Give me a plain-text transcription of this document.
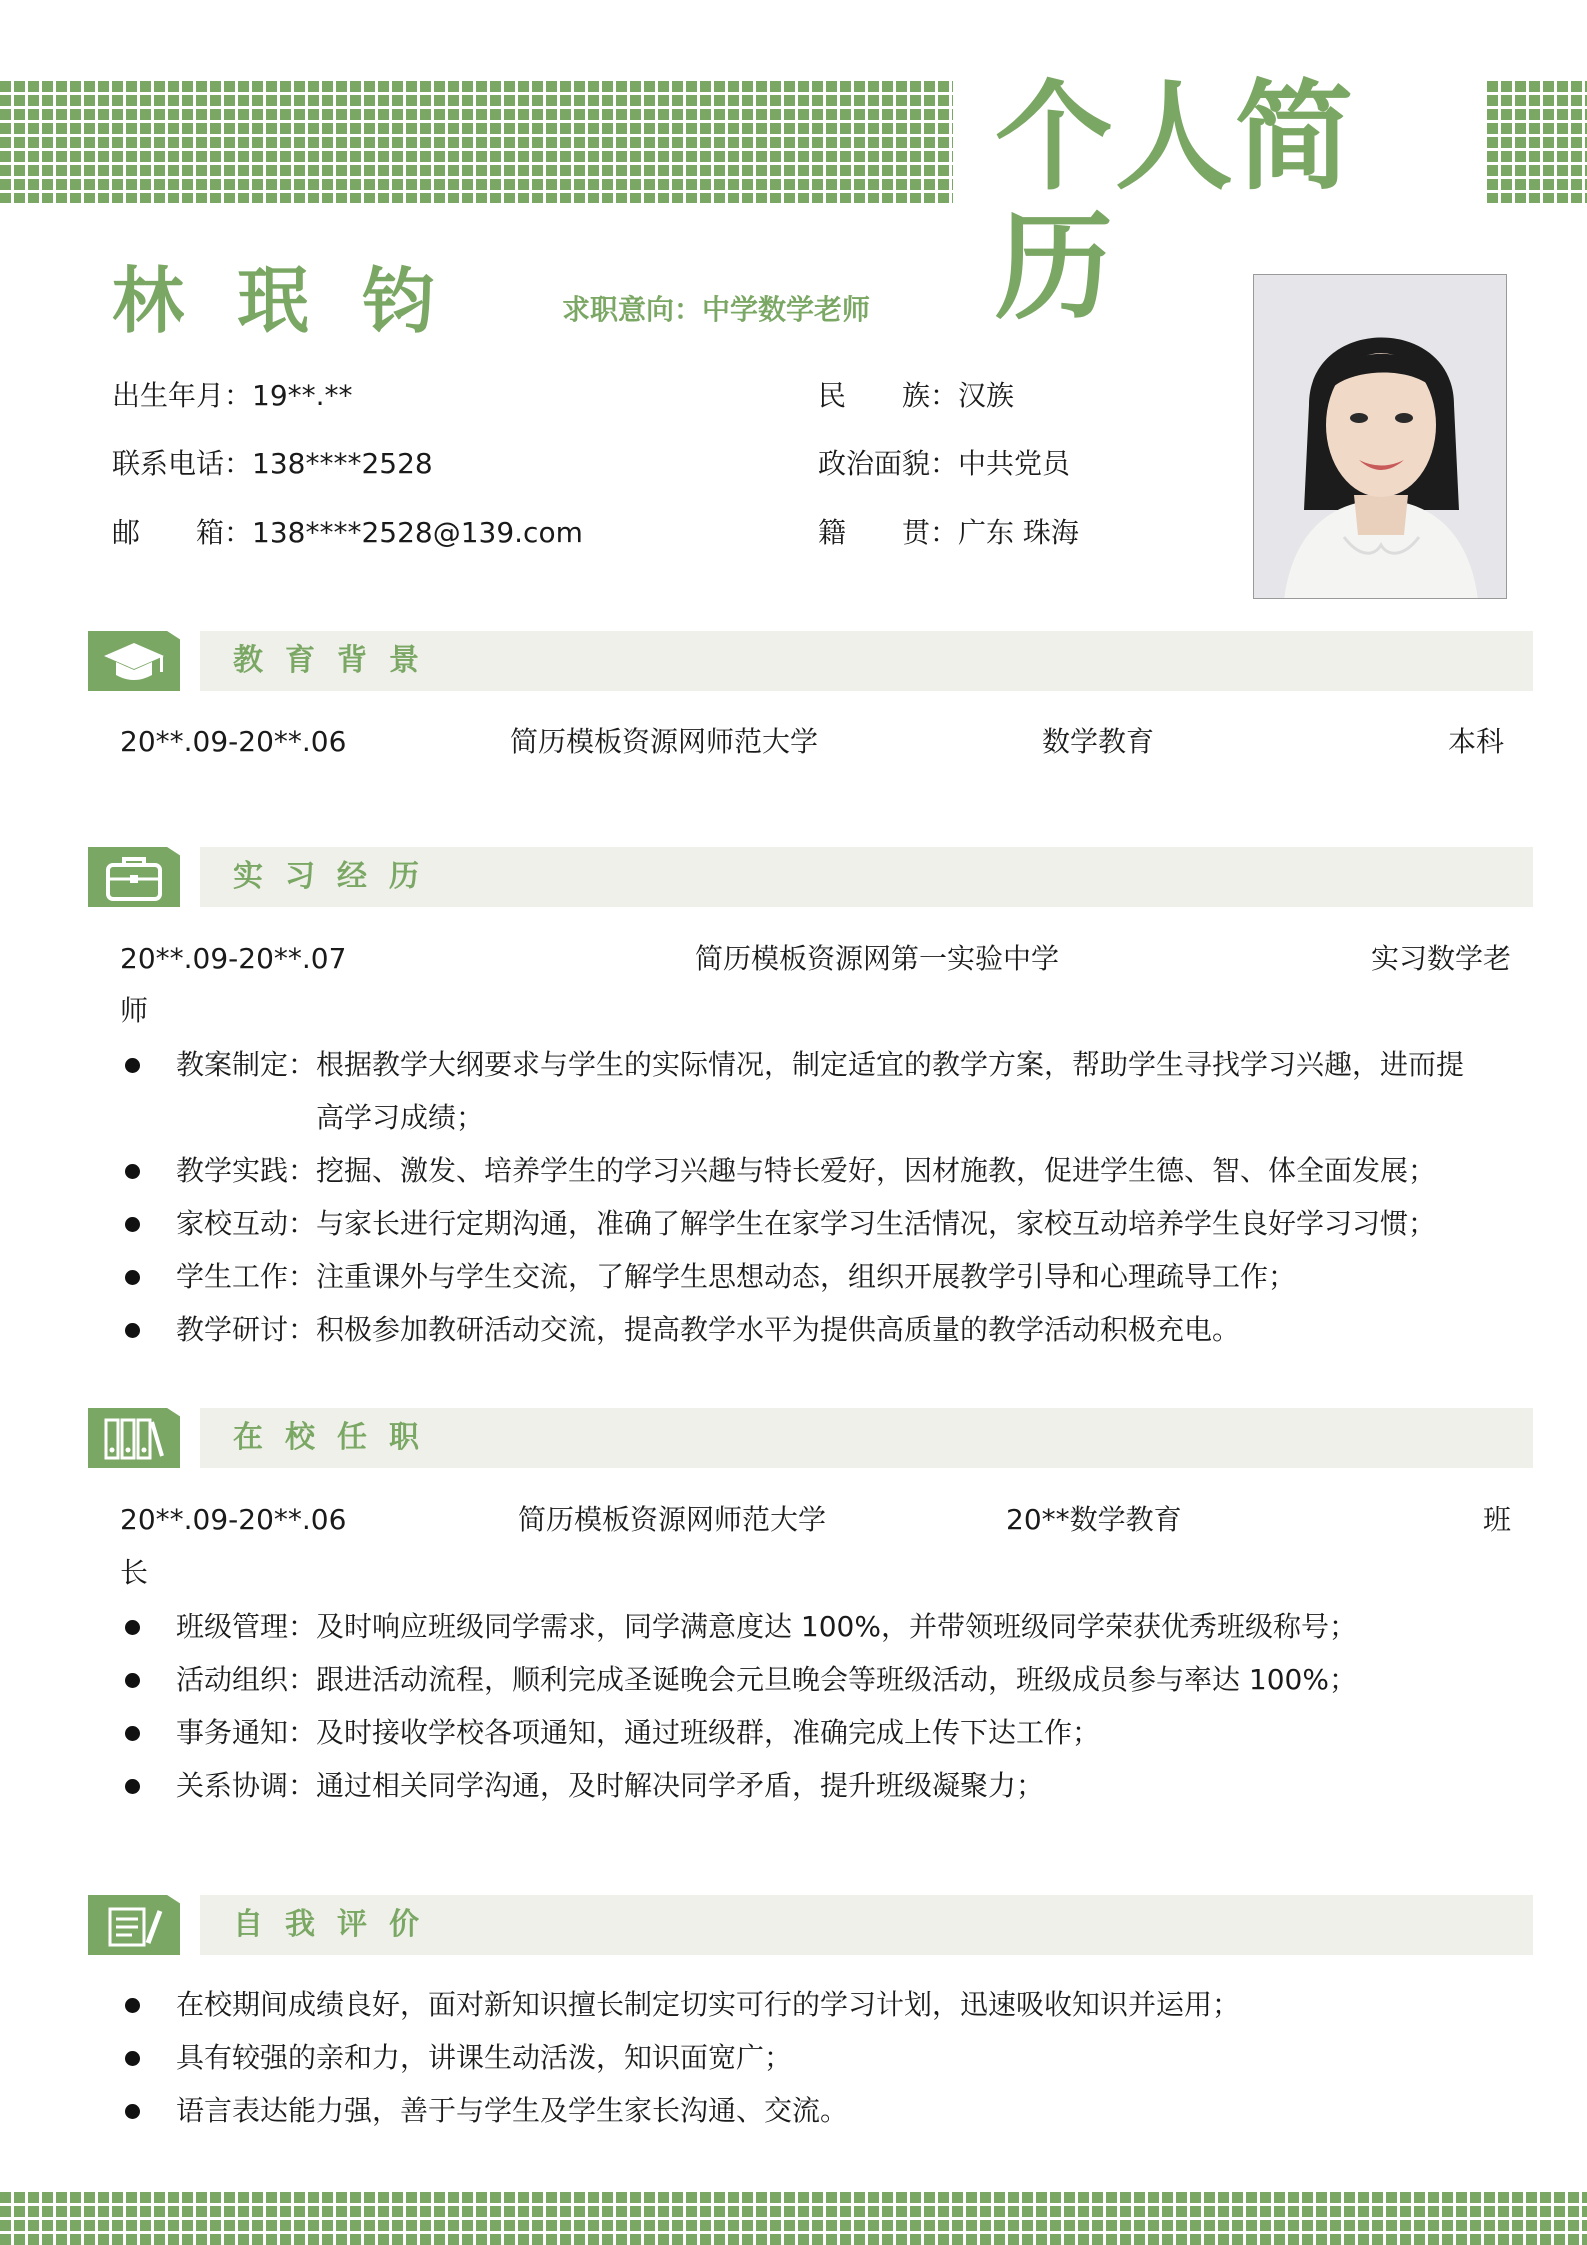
个人简历
林 珉 钧	求职意向：中学数学老师
出生年月：19**.**
联系电话：138****2528
邮　　箱：138****2528@139.com
民　　族：汉族
政治面貌：中共党员
籍　　贯：广东 珠海
教育背景
20**.09-20**.06	简历模板资源网师范大学	数学教育	本科
实习经历
20**.09-20**.07	简历模板资源网第一实验中学	实习数学老
师
教案制定：根据教学大纲要求与学生的实际情况，制定适宜的教学方案，帮助学生寻找学习兴趣，进而提
高学习成绩；
教学实践：挖掘、激发、培养学生的学习兴趣与特长爱好，因材施教，促进学生德、智、体全面发展；
家校互动：与家长进行定期沟通，准确了解学生在家学习生活情况，家校互动培养学生良好学习习惯；
学生工作：注重课外与学生交流，了解学生思想动态，组织开展教学引导和心理疏导工作；
教学研讨：积极参加教研活动交流，提高教学水平为提供高质量的教学活动积极充电。
在校任职
20**.09-20**.06	简历模板资源网师范大学	20**数学教育	班
长
班级管理：及时响应班级同学需求，同学满意度达 100%，并带领班级同学荣获优秀班级称号；
活动组织：跟进活动流程，顺利完成圣诞晚会元旦晚会等班级活动，班级成员参与率达 100%；
事务通知：及时接收学校各项通知，通过班级群，准确完成上传下达工作；
关系协调：通过相关同学沟通，及时解决同学矛盾，提升班级凝聚力；
自我评价
在校期间成绩良好，面对新知识擅长制定切实可行的学习计划，迅速吸收知识并运用；
具有较强的亲和力，讲课生动活泼，知识面宽广；
语言表达能力强，善于与学生及学生家长沟通、交流。
